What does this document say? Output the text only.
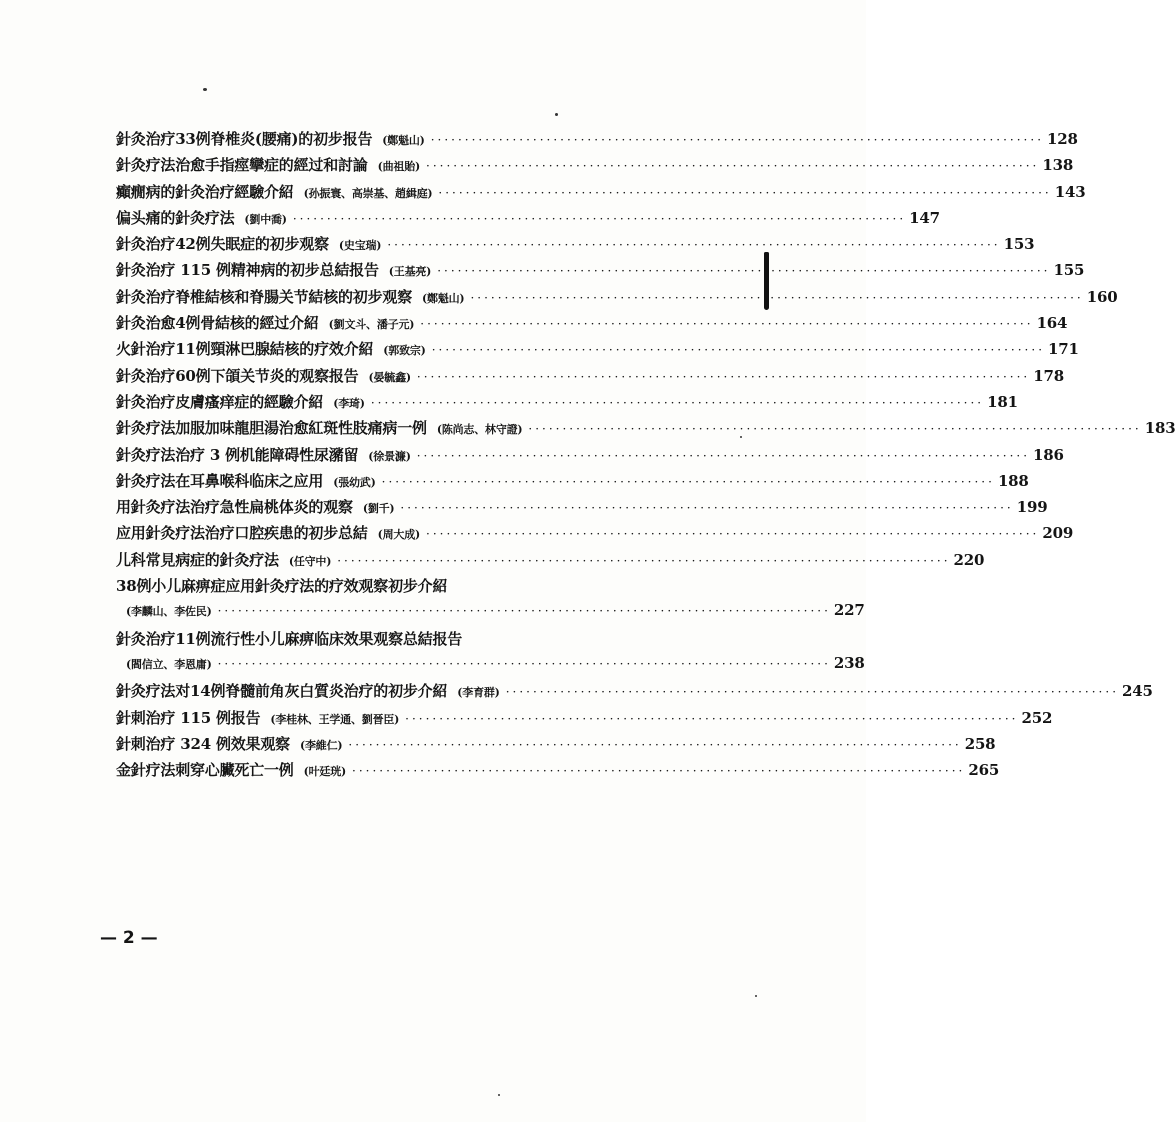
針灸治疗33例脊椎炎(腰痛)的初步报告 (鄭魁山) ·····	128
針灸疗法治愈手指痙攣症的經过和討論 (曲祖貽) ·····	138
癲癇病的針灸治疗經驗介紹 (孙振寰、高崇基、趙緝庭) ·····	143
偏头痛的針灸疗法 (劉中喬) ·····	147
針灸治疗42例失眠症的初步观察 (史宝瑞) ·····	153
針灸治疗 115 例精神病的初步总結报告 (王基亮) ·····	155
針灸治疗脊椎結核和脊腸关节結核的初步观察 (鄭魁山) ·····	160
針灸治愈4例骨結核的經过介紹 (劉文斗、潘子元) ·····	164
火針治疗11例頸淋巴腺結核的疗效介紹 (郭致宗) ·····	171
針灸治疗60例下頜关节炎的观察报告 (晏毓鑫) ·····	178
針灸治疗皮膚瘙痒症的經驗介紹 (李琦) ·····	181
針灸疗法加服加味龍胆湯治愈紅斑性肢痛病一例 (陈尚志、林守證) ·····	183
針灸疗法治疗 3 例机能障碍性尿瀦留 (徐景濂) ·····	186
針灸疗法在耳鼻喉科临床之应用 (張幼武) ·····	188
用針灸疗法治疗急性扁桃体炎的观察 (劉千) ·····	199
应用針灸疗法治疗口腔疾患的初步总結 (周大成) ·····	209
儿科常見病症的針灸疗法 (任守中) ·····	220
38例小儿麻痹症应用針灸疗法的疗效观察初步介紹
(李麟山、李佐民) ·····	227
針灸治疗11例流行性小儿麻痹临床效果观察总結报告
(閻信立、李恩庸) ·····	238
針灸疗法对14例脊髓前角灰白質炎治疗的初步介紹 (李育群) ·····	245
針刺治疗 115 例报告 (李桂林、王学通、劉晉臣) ·····	252
針刺治疗 324 例效果观察 (李維仁) ·····	258
金針疗法刺穿心臟死亡一例 (叶廷珖) ·····	265
— 2 —
